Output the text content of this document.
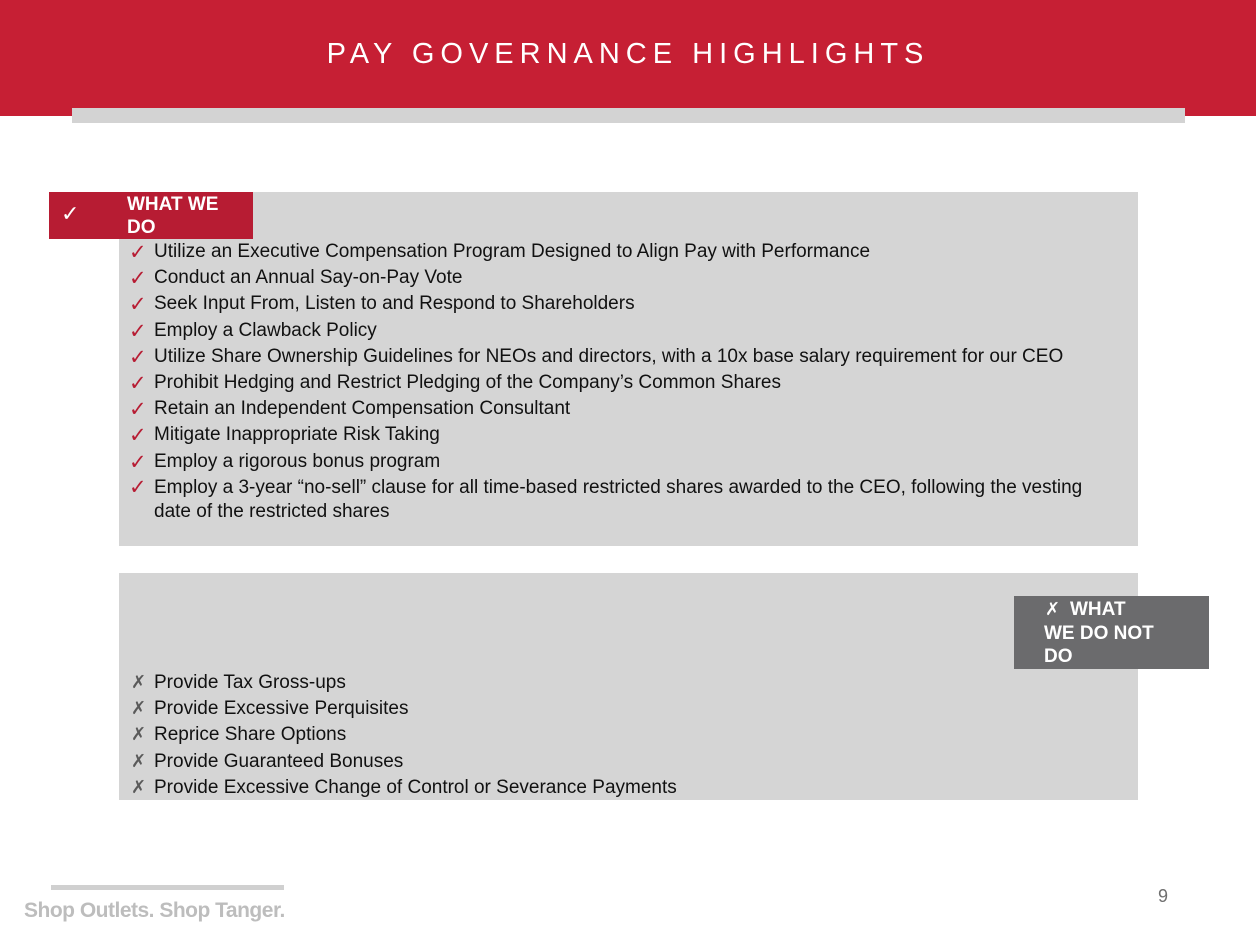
PAY GOVERNANCE HIGHLIGHTS
✓	WHAT WE DO
✓ Utilize an Executive Compensation Program Designed to Align Pay with Performance
✓ Conduct an Annual Say-on-Pay Vote
✓ Seek Input From, Listen to and Respond to Shareholders
✓ Employ a Clawback Policy
✓ Utilize Share Ownership Guidelines for NEOs and directors, with a 10x base salary requirement for our CEO
✓ Prohibit Hedging and Restrict Pledging of the Company’s Common Shares
✓ Retain an Independent Compensation Consultant
✓ Mitigate Inappropriate Risk Taking
✓ Employ a rigorous bonus program
✓ Employ a 3-year “no-sell” clause for all time-based restricted shares awarded to the CEO, following the vesting date of the restricted shares
✗ WHAT WE DO NOT DO
✗ Provide Tax Gross-ups
✗ Provide Excessive Perquisites
✗ Reprice Share Options
✗ Provide Guaranteed Bonuses
✗ Provide Excessive Change of Control or Severance Payments
Shop Outlets. Shop Tanger.
9
